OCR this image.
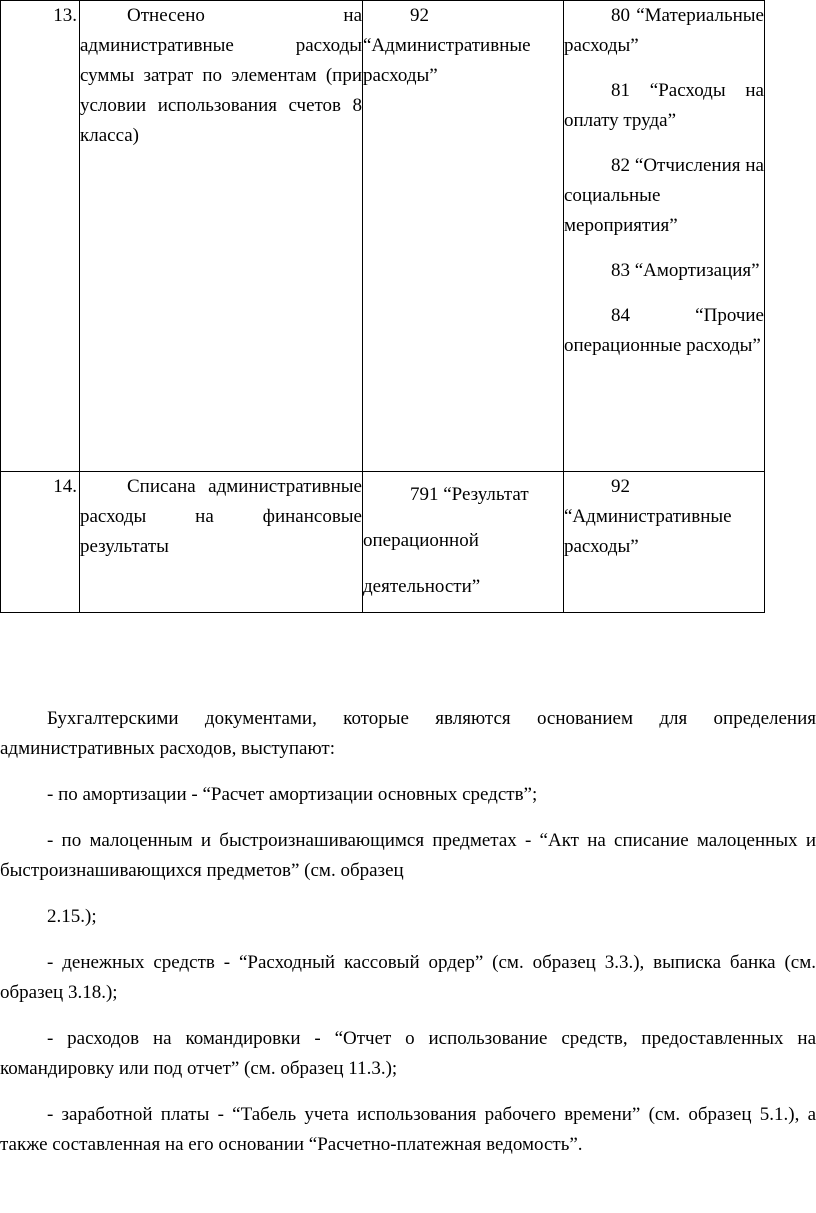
13.	Отнесено на административные расходы суммы затрат по элементам (при условии использования счетов 8 класса)	92 “Административные расходы”	80 “Материальные расходы”

81 “Расходы на оплату труда”

82 “Отчисления на социальные мероприятия”

83 “Амортизация”

84 “Прочие операционные расходы”

14.	Списана административные расходы на финансовые результаты	791 “Результат операционной деятельности”	92 “Административные расходы”

Бухгалтерскими документами, которые являются основанием для определения административных расходов, выступают:

- по амортизации - “Расчет амортизации основных средств”;

- по малоценным и быстроизнашивающимся предметах - “Акт на списание малоценных и быстроизнашивающихся предметов” (см. образец

2.15.);

- денежных средств - “Расходный кассовый ордер” (см. образец 3.3.), выписка банка (см. образец 3.18.);

- расходов на командировки - “Отчет о использование средств, предоставленных на командировку или под отчет” (см. образец 11.3.);

- заработной платы - “Табель учета использования рабочего времени” (см. образец 5.1.), а также составленная на его основании “Расчетно-платежная ведомость”.
